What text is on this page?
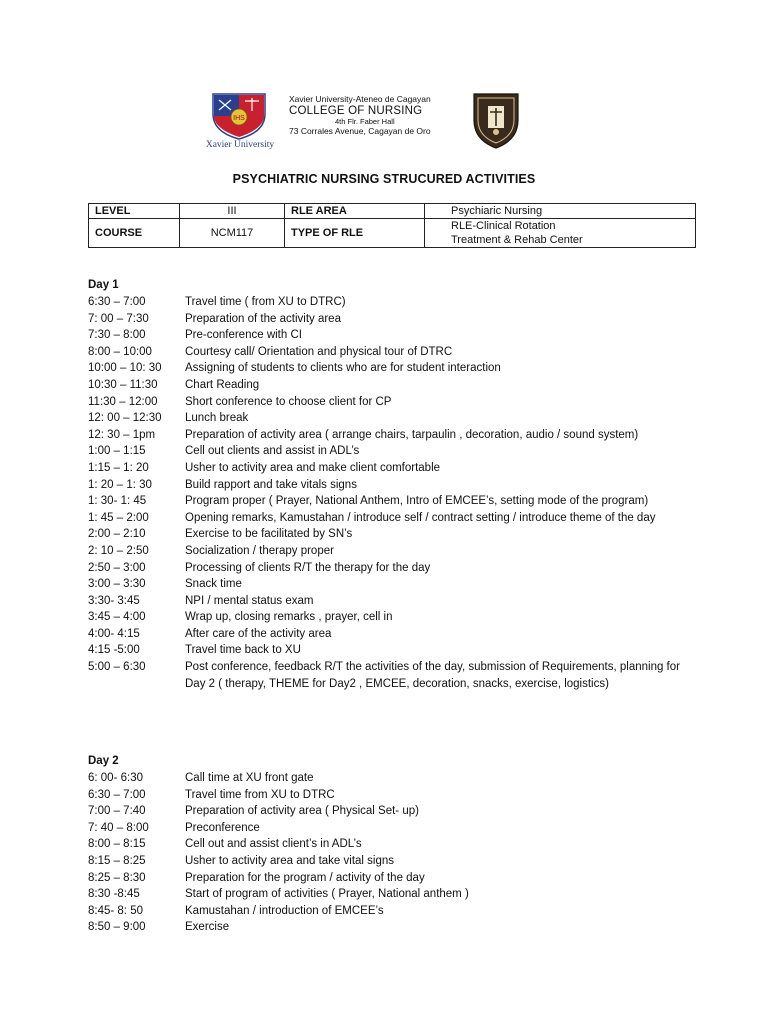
IHS
Xavier University
Xavier University-Ateneo de Cagayan
COLLEGE OF NURSING
4th Flr. Faber Hall
73 Corrales Avenue, Cagayan de Oro
PSYCHIATRIC NURSING STRUCURED ACTIVITIES
LEVEL	III	RLE AREA	Psychiaric Nursing
COURSE	NCM117	TYPE OF RLE	RLE-Clinical Rotation
Treatment & Rehab Center
Day 1
6:30 – 7:00	Travel time ( from XU to DTRC)
7: 00 – 7:30	Preparation of the activity area
7:30 – 8:00	Pre-conference with CI
8:00 – 10:00	Courtesy call/ Orientation and physical tour of DTRC
10:00 – 10: 30	Assigning of students to clients who are for student interaction
10:30 – 11:30	Chart Reading
11:30 – 12:00	Short conference to choose client for CP
12: 00 – 12:30	Lunch break
12: 30 – 1pm	Preparation of activity area ( arrange chairs, tarpaulin , decoration, audio / sound system)
1:00 – 1:15	Cell out clients and assist in ADL’s
1:15 – 1: 20	Usher to activity area and make client comfortable
1: 20 – 1: 30	Build rapport and take vitals signs
1: 30- 1: 45	Program proper ( Prayer, National Anthem, Intro of EMCEE’s, setting mode of the program)
1: 45 – 2:00	Opening remarks, Kamustahan / introduce self / contract setting / introduce theme of the day
2:00 – 2:10	Exercise to be facilitated by SN’s
2: 10 – 2:50	Socialization / therapy proper
2:50 – 3:00	Processing of clients R/T the therapy for the day
3:00 – 3:30	Snack time
3:30- 3:45	NPI / mental status exam
3:45 – 4:00	Wrap up, closing remarks , prayer, cell in
4:00- 4:15	After care of the activity area
4:15 -5:00	Travel time back to XU
5:00 – 6:30	Post conference, feedback R/T the activities of the day, submission of Requirements, planning for Day 2 ( therapy, THEME for Day2 , EMCEE, decoration, snacks, exercise, logistics)
Day 2
6: 00- 6:30	Call time at XU front gate
6:30 – 7:00	Travel time from XU to DTRC
7:00 – 7:40	Preparation of activity area ( Physical Set- up)
7: 40 – 8:00	Preconference
8:00 – 8:15	Cell out and assist client’s in ADL’s
8:15 – 8:25	Usher to activity area and take vital signs
8:25 – 8:30	Preparation for the program / activity of the day
8:30 -8:45	Start of program of activities ( Prayer, National anthem )
8:45- 8: 50	Kamustahan / introduction of EMCEE’s
8:50 – 9:00	Exercise
